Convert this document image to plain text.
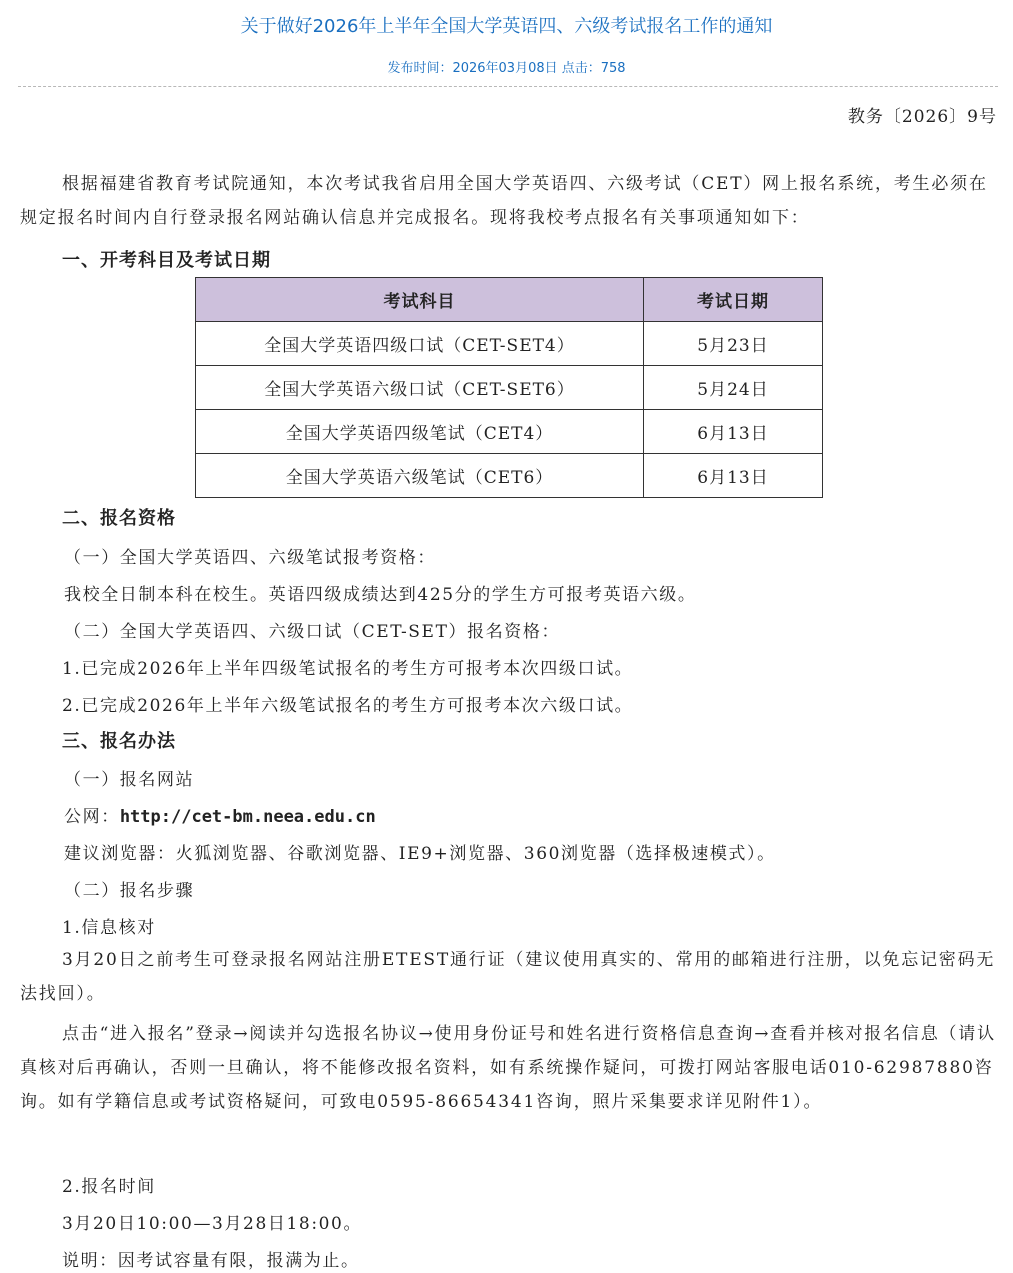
关于做好2026年上半年全国大学英语四、六级考试报名工作的通知
发布时间：2026年03月08日 点击：758
教务〔2026〕9号

根据福建省教育考试院通知，本次考试我省启用全国大学英语四、六级考试（CET）网上报名系统，考生必须在规定报名时间内自行登录报名网站确认信息并完成报名。现将我校考点报名有关事项通知如下：

一、开考科目及考试日期
考试科目	考试日期
全国大学英语四级口试（CET-SET4）	5月23日
全国大学英语六级口试（CET-SET6）	5月24日
全国大学英语四级笔试（CET4）	6月13日
全国大学英语六级笔试（CET6）	6月13日
二、报名资格
（一）全国大学英语四、六级笔试报考资格：
我校全日制本科在校生。英语四级成绩达到425分的学生方可报考英语六级。
（二）全国大学英语四、六级口试（CET-SET）报名资格：
1.已完成2026年上半年四级笔试报名的考生方可报考本次四级口试。
2.已完成2026年上半年六级笔试报名的考生方可报考本次六级口试。
三、报名办法
（一）报名网站
公网：http://cet-bm.neea.edu.cn
建议浏览器：火狐浏览器、谷歌浏览器、IE9+浏览器、360浏览器（选择极速模式）。
（二）报名步骤
1.信息核对

3月20日之前考生可登录报名网站注册ETEST通行证（建议使用真实的、常用的邮箱进行注册，以免忘记密码无法找回）。

点击“进入报名”登录→阅读并勾选报名协议→使用身份证号和姓名进行资格信息查询→查看并核对报名信息（请认真核对后再确认，否则一旦确认，将不能修改报名资料，如有系统操作疑问，可拨打网站客服电话010-62987880咨询。如有学籍信息或考试资格疑问，可致电0595-86654341咨询，照片采集要求详见附件1）。

2.报名时间
3月20日10:00—3月28日18:00。
说明：因考试容量有限，报满为止。
